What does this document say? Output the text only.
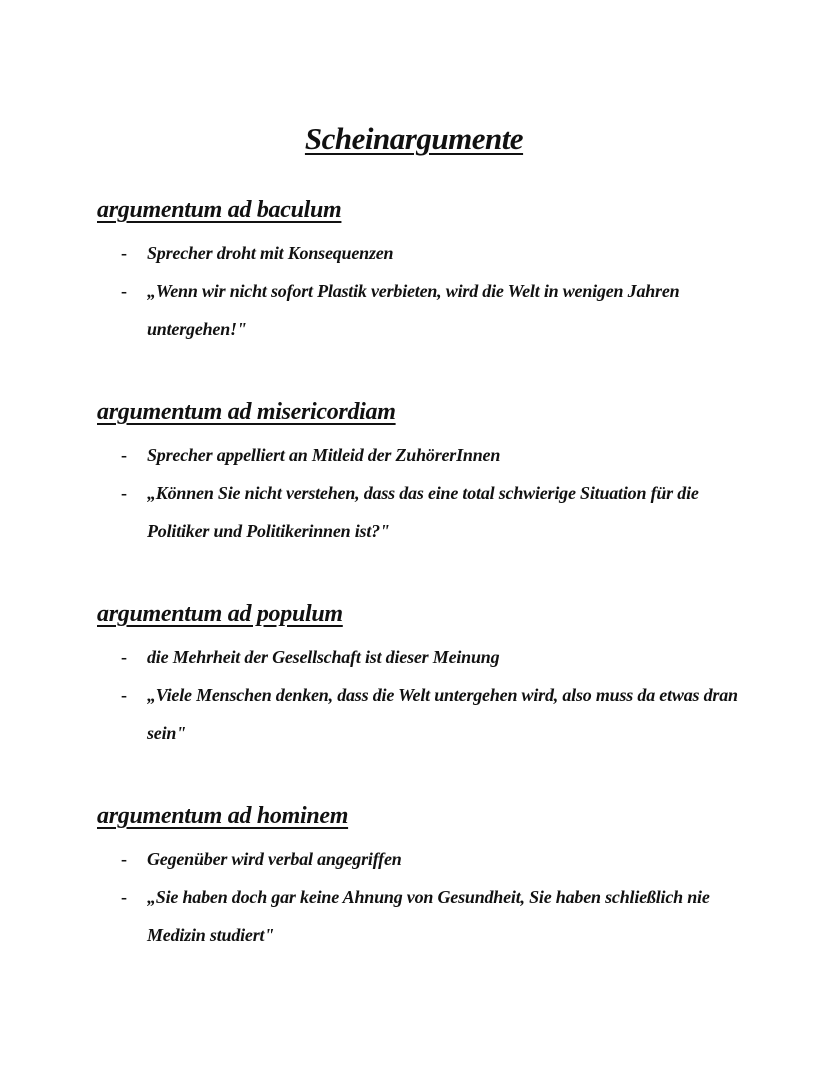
Scheinargumente
argumentum ad baculum
- Sprecher droht mit Konsequenzen
- „Wenn wir nicht sofort Plastik verbieten, wird die Welt in wenigen Jahren untergehen!"
argumentum ad misericordiam
- Sprecher appelliert an Mitleid der ZuhörerInnen
- „Können Sie nicht verstehen, dass das eine total schwierige Situation für die Politiker und Politikerinnen ist?"
argumentum ad populum
- die Mehrheit der Gesellschaft ist dieser Meinung
- „Viele Menschen denken, dass die Welt untergehen wird, also muss da etwas dran sein"
argumentum ad hominem
- Gegenüber wird verbal angegriffen
- „Sie haben doch gar keine Ahnung von Gesundheit, Sie haben schließlich nie Medizin studiert"
